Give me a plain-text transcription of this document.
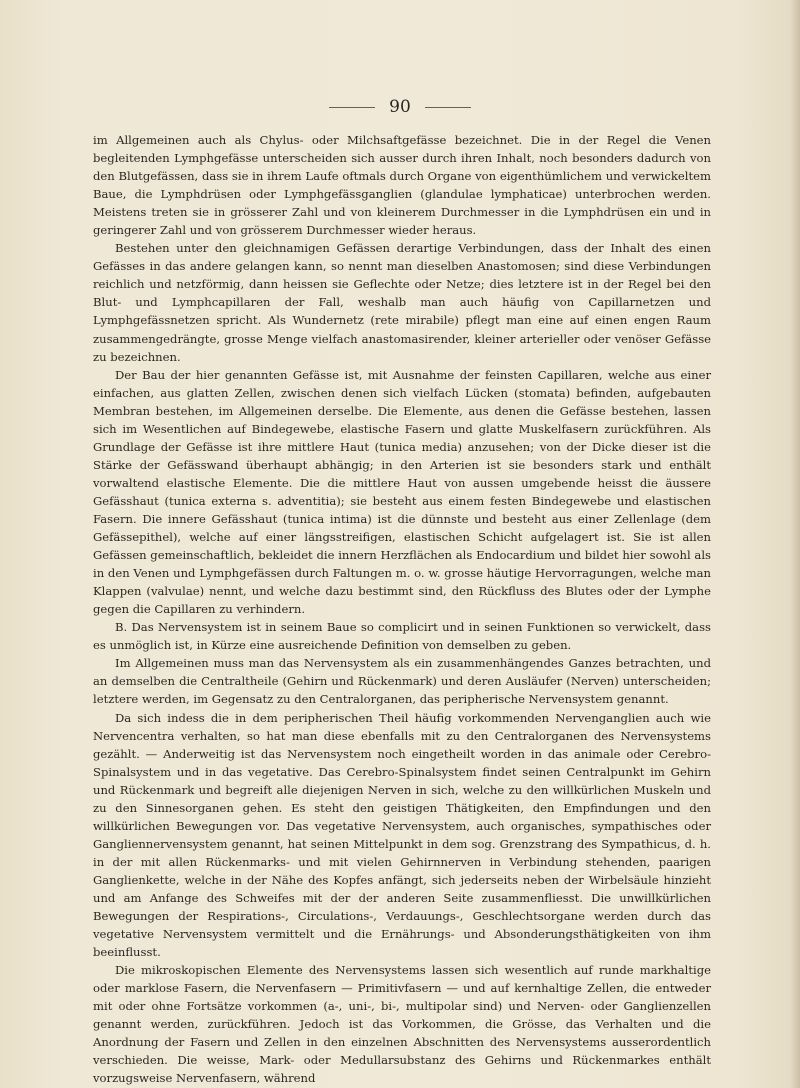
90

im Allgemeinen auch als Chylus- oder Milchsaftgefässe bezeichnet. Die in der Regel die Venen begleitenden Lymphgefässe unterscheiden sich ausser durch ihren Inhalt, noch besonders dadurch von den Blutgefässen, dass sie in ihrem Laufe oftmals durch Organe von eigenthümlichem und verwickeltem Baue, die Lymphdrüsen oder Lymphgefässganglien (glandulae lymphaticae) unterbrochen werden. Meistens treten sie in grösserer Zahl und von kleinerem Durchmesser in die Lymphdrüsen ein und in geringerer Zahl und von grösserem Durchmesser wieder heraus.

Bestehen unter den gleichnamigen Gefässen derartige Verbindungen, dass der Inhalt des einen Gefässes in das andere gelangen kann, so nennt man dieselben Anastomosen; sind diese Verbindungen reichlich und netzförmig, dann heissen sie Geflechte oder Netze; dies letztere ist in der Regel bei den Blut- und Lymphcapillaren der Fall, weshalb man auch häufig von Capillarnetzen und Lymphgefässnetzen spricht. Als Wundernetz (rete mirabile) pflegt man eine auf einen engen Raum zusammengedrängte, grosse Menge vielfach anastomasirender, kleiner arterieller oder venöser Gefässe zu bezeichnen.

Der Bau der hier genannten Gefässe ist, mit Ausnahme der feinsten Capillaren, welche aus einer einfachen, aus glatten Zellen, zwischen denen sich vielfach Lücken (stomata) befinden, aufgebauten Membran bestehen, im Allgemeinen derselbe. Die Elemente, aus denen die Gefässe bestehen, lassen sich im Wesentlichen auf Bindegewebe, elastische Fasern und glatte Muskelfasern zurückführen. Als Grundlage der Gefässe ist ihre mittlere Haut (tunica media) anzusehen; von der Dicke dieser ist die Stärke der Gefässwand überhaupt abhängig; in den Arterien ist sie besonders stark und enthält vorwaltend elastische Elemente. Die die mittlere Haut von aussen umgebende heisst die äussere Gefässhaut (tunica externa s. adventitia); sie besteht aus einem festen Bindegewebe und elastischen Fasern. Die innere Gefässhaut (tunica intima) ist die dünnste und besteht aus einer Zellenlage (dem Gefässepithel), welche auf einer längsstreifigen, elastischen Schicht aufgelagert ist. Sie ist allen Gefässen gemeinschaftlich, bekleidet die innern Herzflächen als Endocardium und bildet hier sowohl als in den Venen und Lymphgefässen durch Faltungen m. o. w. grosse häutige Hervorragungen, welche man Klappen (valvulae) nennt, und welche dazu bestimmt sind, den Rückfluss des Blutes oder der Lymphe gegen die Capillaren zu verhindern.

B. Das Nervensystem ist in seinem Baue so complicirt und in seinen Funktionen so verwickelt, dass es unmöglich ist, in Kürze eine ausreichende Definition von demselben zu geben.

Im Allgemeinen muss man das Nervensystem als ein zusammenhängendes Ganzes betrachten, und an demselben die Centraltheile (Gehirn und Rückenmark) und deren Ausläufer (Nerven) unterscheiden; letztere werden, im Gegensatz zu den Centralorganen, das peripherische Nervensystem genannt.

Da sich indess die in dem peripherischen Theil häufig vorkommenden Nervenganglien auch wie Nervencentra verhalten, so hat man diese ebenfalls mit zu den Centralorganen des Nervensystems gezählt. — Anderweitig ist das Nervensystem noch eingetheilt worden in das animale oder Cerebro-Spinalsystem und in das vegetative. Das Cerebro-Spinalsystem findet seinen Centralpunkt im Gehirn und Rückenmark und begreift alle diejenigen Nerven in sich, welche zu den willkürlichen Muskeln und zu den Sinnesorganen gehen. Es steht den geistigen Thätigkeiten, den Empfindungen und den willkürlichen Bewegungen vor. Das vegetative Nervensystem, auch organisches, sympathisches oder Gangliennervensystem genannt, hat seinen Mittelpunkt in dem sog. Grenzstrang des Sympathicus, d. h. in der mit allen Rückenmarks- und mit vielen Gehirnnerven in Verbindung stehenden, paarigen Ganglienkette, welche in der Nähe des Kopfes anfängt, sich jederseits neben der Wirbelsäule hinzieht und am Anfange des Schweifes mit der der anderen Seite zusammenfliesst. Die unwillkürlichen Bewegungen der Respirations-, Circulations-, Verdauungs-, Geschlechtsorgane werden durch das vegetative Nervensystem vermittelt und die Ernährungs- und Absonderungsthätigkeiten von ihm beeinflusst.

Die mikroskopischen Elemente des Nervensystems lassen sich wesentlich auf runde markhaltige oder marklose Fasern, die Nervenfasern — Primitivfasern — und auf kernhaltige Zellen, die entweder mit oder ohne Fortsätze vorkommen (a-, uni-, bi-, multipolar sind) und Nerven- oder Ganglienzellen genannt werden, zurückführen. Jedoch ist das Vorkommen, die Grösse, das Verhalten und die Anordnung der Fasern und Zellen in den einzelnen Abschnitten des Nervensystems ausserordentlich verschieden. Die weisse, Mark- oder Medullarsubstanz des Gehirns und Rückenmarkes enthält vorzugsweise Nervenfasern, während
